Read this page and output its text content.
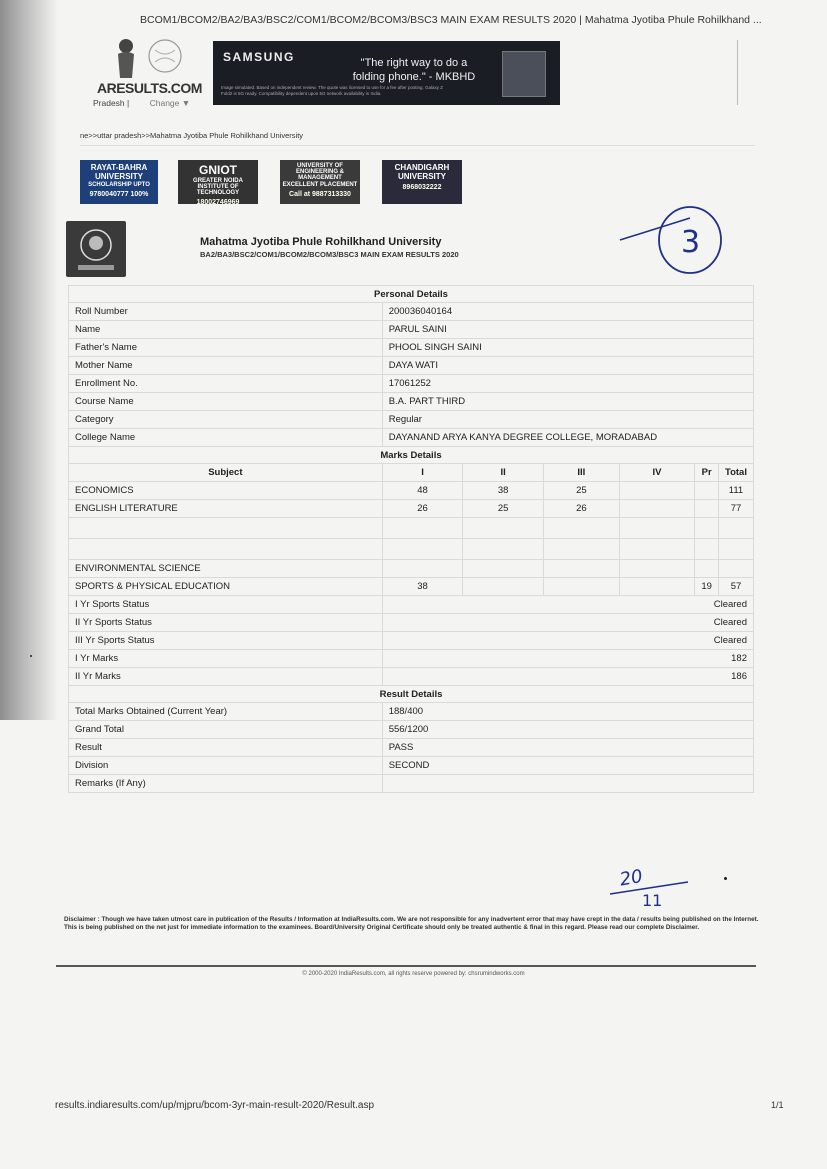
BCOM1/BCOM2/BA2/BA3/BSC2/COM1/BCOM2/BCOM3/BSC3 MAIN EXAM RESULTS 2020 | Mahatma Jyotiba Phule Rohilkhand ...
ARESULTS.COM
Pradesh | Change ▼
SAMSUNG	"The right way to do a folding phone." - MKBHD
Image simulated. Based on independent review. The quote was licensed to use for a fee after posting. Galaxy Z Fold2 is 5G ready. Compatibility dependent upon 5G network availability in India.
ne>>uttar pradesh>>Mahatma Jyotiba Phule Rohilkhand University
RAYAT-BAHRA UNIVERSITY
SCHOLARSHIP UPTO
9780040777 100%
GNIOT
GREATER NOIDA INSTITUTE OF TECHNOLOGY
18002746969
UNIVERSITY OF ENGINEERING & MANAGEMENT
EXCELLENT PLACEMENT
Call at 9887313330
CHANDIGARH UNIVERSITY
8968032222
Mahatma Jyotiba Phule Rohilkhand University
BA2/BA3/BSC2/COM1/BCOM2/BCOM3/BSC3 MAIN EXAM RESULTS 2020	3
Personal Details						
Roll Number	200036040164					
Name	PARUL SAINI					
Father's Name	PHOOL SINGH SAINI					
Mother Name	DAYA WATI					
Enrollment No.	17061252					
Course Name	B.A. PART THIRD					
Category	Regular					
College Name	DAYANAND ARYA KANYA DEGREE COLLEGE, MORADABAD					
Marks Details						
Subject	I	II	III	IV	Pr	Total
ECONOMICS	48	38	25			111
ENGLISH LITERATURE	26	25	26			77

ENVIRONMENTAL SCIENCE						
SPORTS & PHYSICAL EDUCATION	38				19	57
I Yr Sports Status	Cleared					
II Yr Sports Status	Cleared					
III Yr Sports Status	Cleared					
I Yr Marks	182					
II Yr Marks	186					
Result Details						
Total Marks Obtained (Current Year)	188/400					
Grand Total	556/1200					
Result	PASS					
Division	SECOND					
Remarks (If Any)						
20
11
Disclaimer : Though we have taken utmost care in publication of the Results / Information at IndiaResults.com. We are not responsible for any inadvertent error that may have crept in the data / results being published on the Internet. This is being published on the net just for immediate information to the examinees. Board/University Original Certificate should only be treated authentic & final in this regard. Please read our complete Disclaimer.
© 2000-2020 IndiaResults.com, all rights reserve powered by: chsrumindworks.com
results.indiaresults.com/up/mjpru/bcom-3yr-main-result-2020/Result.asp	1/1
